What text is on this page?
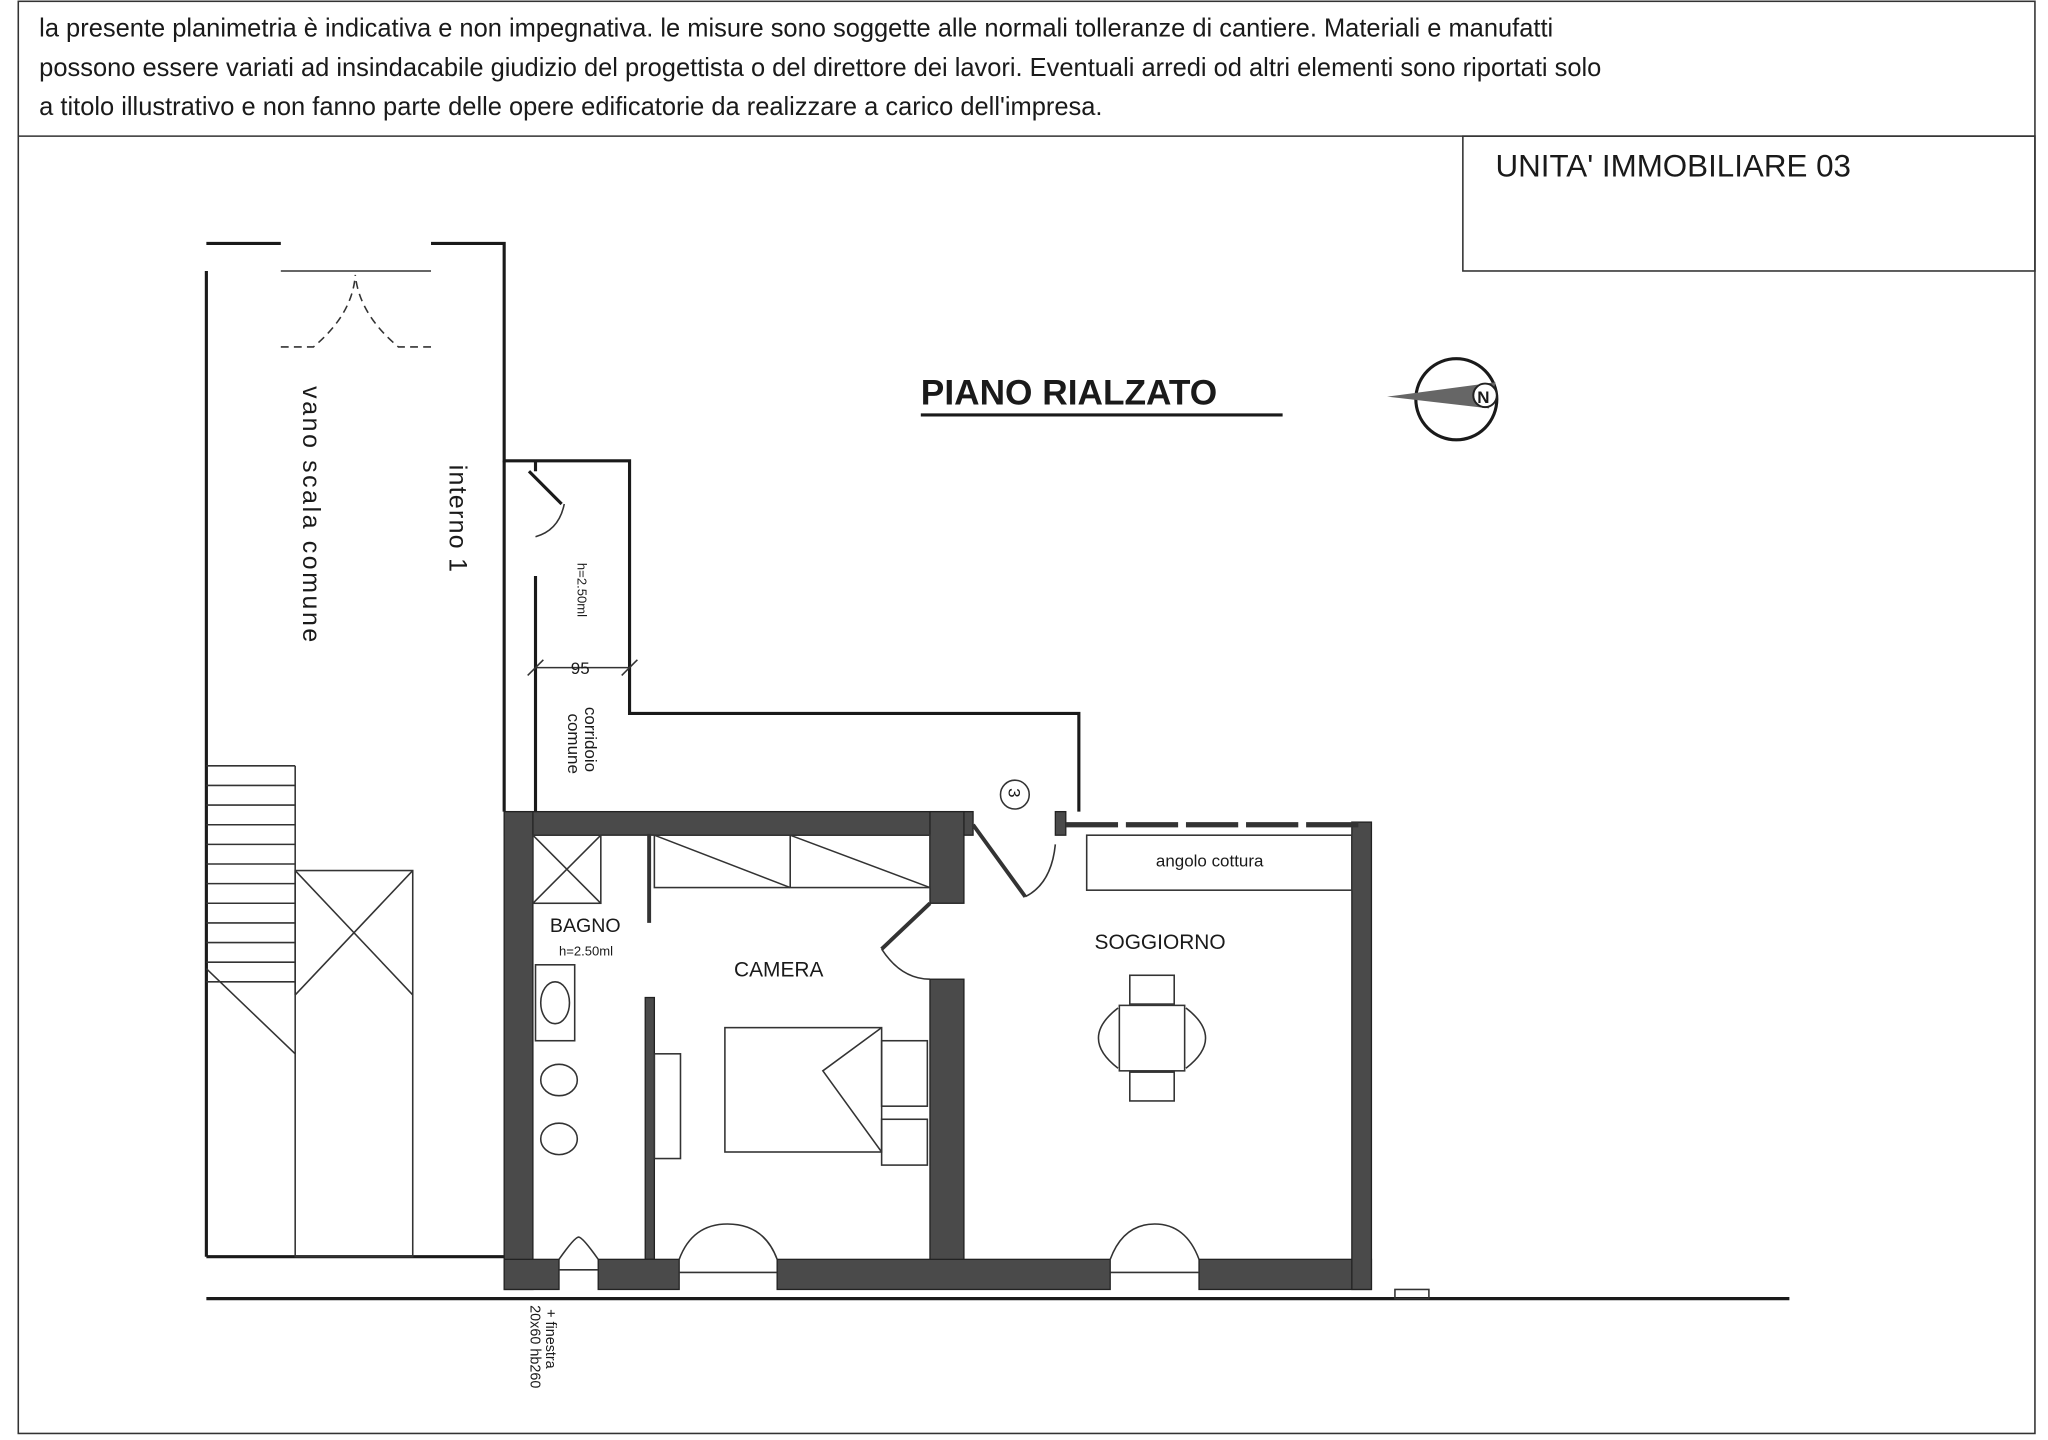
la presente planimetria è indicativa e non impegnativa. le misure sono soggette alle normali tolleranze di cantiere. Materiali e manufatti
possono essere variati ad insindacabile giudizio del progettista o del direttore dei lavori. Eventuali arredi od altri elementi sono riportati solo
a titolo illustrativo e non fanno parte delle opere edificatorie da realizzare a carico dell'impresa.
UNITA' IMMOBILIARE 03
PIANO RIALZATO	N
vano scala comune	interno 1
h=2.50ml
95
corridoio
comune
3
angolo cottura
SOGGIORNO
BAGNO
h=2.50ml
CAMERA
+ finestra
20x60 hb260
